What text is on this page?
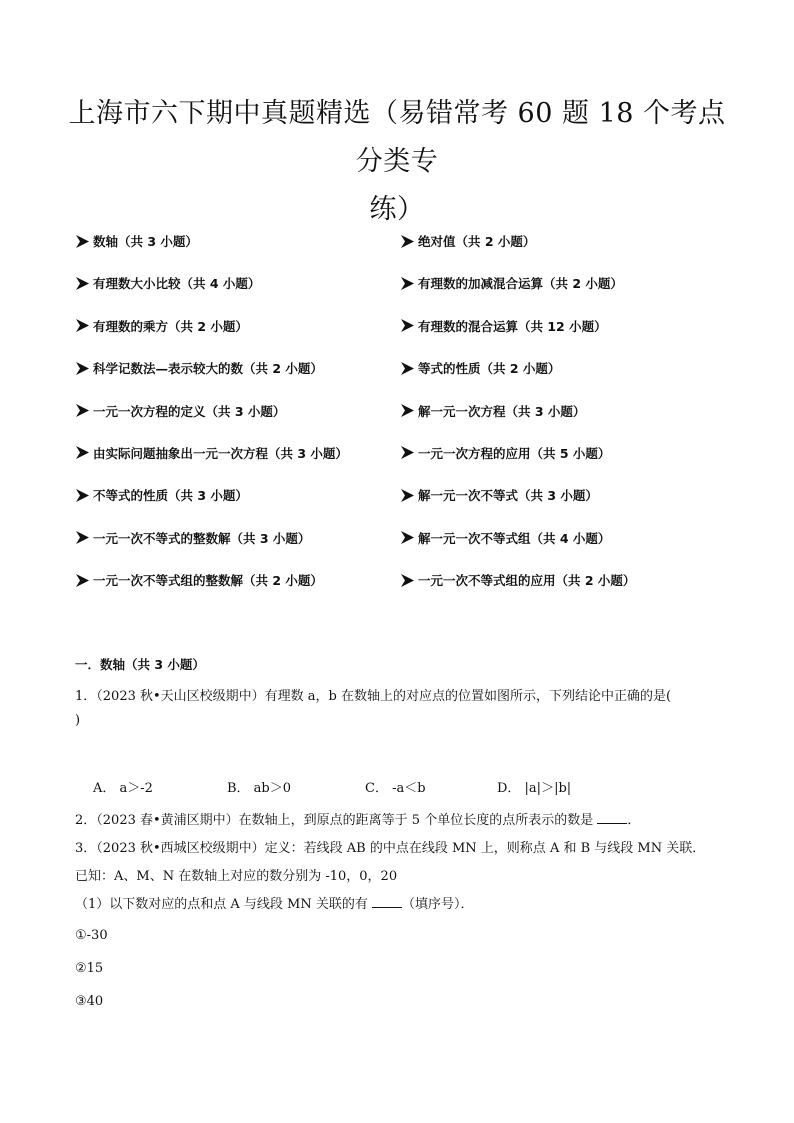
上海市六下期中真题精选（易错常考 60 题 18 个考点分类专
练）
数轴（共 3 小题）	绝对值（共 2 小题）
有理数大小比较（共 4 小题）	有理数的加减混合运算（共 2 小题）
有理数的乘方（共 2 小题）	有理数的混合运算（共 12 小题）
科学记数法—表示较大的数（共 2 小题）	等式的性质（共 2 小题）
一元一次方程的定义（共 3 小题）	解一元一次方程（共 3 小题）
由实际问题抽象出一元一次方程（共 3 小题）	一元一次方程的应用（共 5 小题）
不等式的性质（共 3 小题）	解一元一次不等式（共 3 小题）
一元一次不等式的整数解（共 3 小题）	解一元一次不等式组（共 4 小题）
一元一次不等式组的整数解（共 2 小题）	一元一次不等式组的应用（共 2 小题）
一．数轴（共 3 小题）
1．（2023 秋•天山区校级期中）有理数 a，b 在数轴上的对应点的位置如图所示，下列结论中正确的是(
)
A． a＞-2	B． ab＞0	C． -a＜b	D． |a|＞|b|
2．（2023 春•黄浦区期中）在数轴上，到原点的距离等于 5 个单位长度的点所表示的数是	．
3．（2023 秋•西城区校级期中）定义：若线段 AB 的中点在线段 MN 上，则称点 A 和 B 与线段 MN 关联．
已知：A、M、N 在数轴上对应的数分别为 -10，0，20
（1）以下数对应的点和点 A 与线段 MN 关联的有	（填序号）．
①-30
②15
③40
